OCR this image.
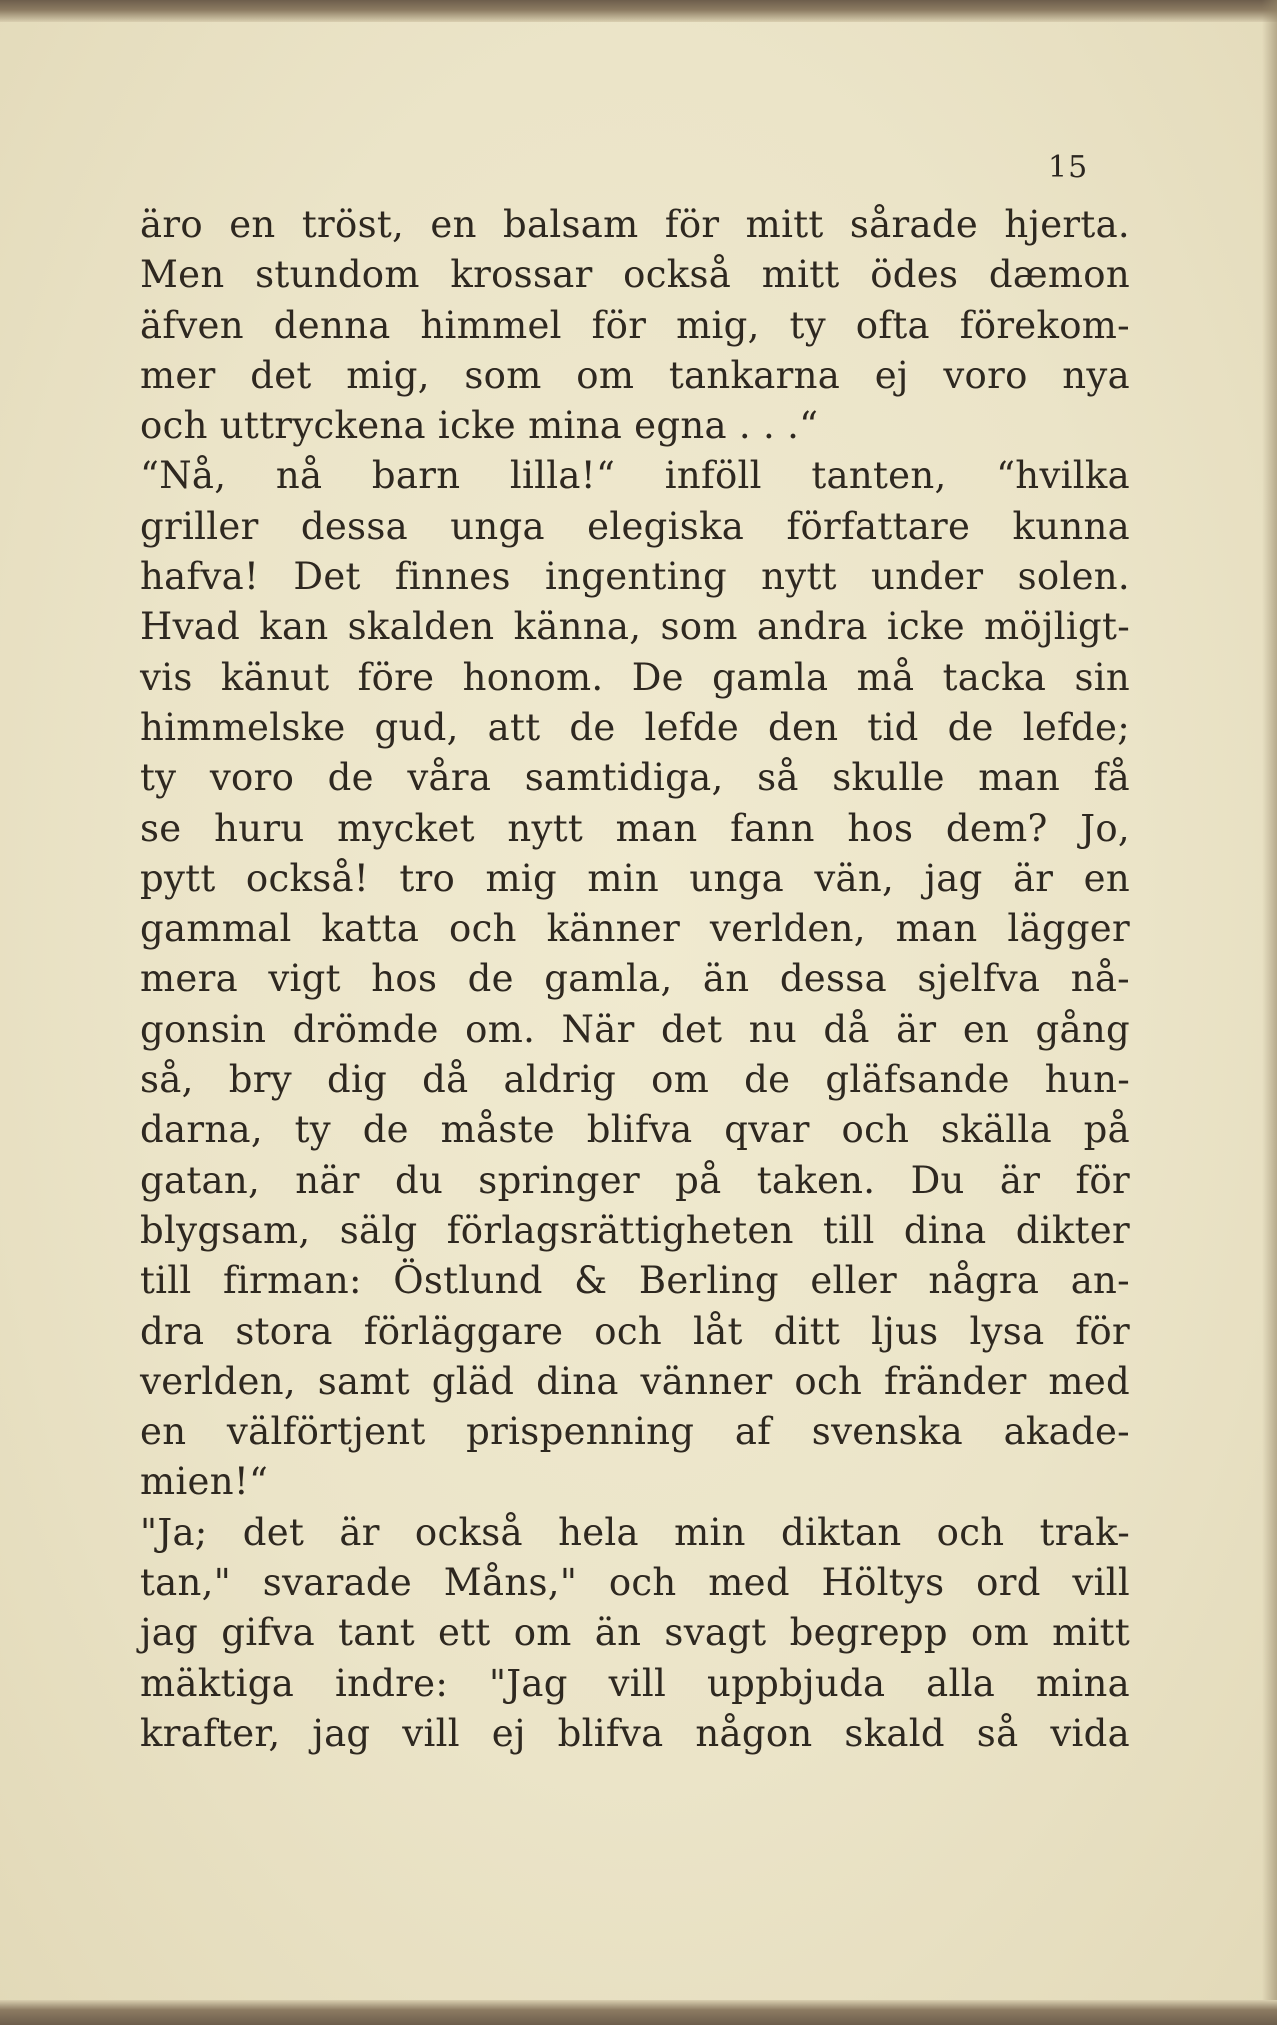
15
äro en tröst, en balsam för mitt sårade hjerta.
Men stundom krossar också mitt ödes dæmon
äfven denna himmel för mig, ty ofta förekom-
mer det mig, som om tankarna ej voro nya
och uttryckena icke mina egna . . .“
“Nå, nå barn lilla!“ inföll tanten, “hvilka
griller dessa unga elegiska författare kunna
hafva! Det finnes ingenting nytt under solen.
Hvad kan skalden känna, som andra icke möjligt-
vis känut före honom. De gamla må tacka sin
himmelske gud, att de lefde den tid de lefde;
ty voro de våra samtidiga, så skulle man få
se huru mycket nytt man fann hos dem? Jo,
pytt också! tro mig min unga vän, jag är en
gammal katta och känner verlden, man lägger
mera vigt hos de gamla, än dessa sjelfva nå-
gonsin drömde om. När det nu då är en gång
så, bry dig då aldrig om de gläfsande hun-
darna, ty de måste blifva qvar och skälla på
gatan, när du springer på taken. Du är för
blygsam, sälg förlagsrättigheten till dina dikter
till firman: Östlund & Berling eller några an-
dra stora förläggare och låt ditt ljus lysa för
verlden, samt gläd dina vänner och fränder med
en välförtjent prispenning af svenska akade-
mien!“
"Ja; det är också hela min diktan och trak-
tan," svarade Måns," och med Höltys ord vill
jag gifva tant ett om än svagt begrepp om mitt
mäktiga indre: "Jag vill uppbjuda alla mina
krafter, jag vill ej blifva någon skald så vida
